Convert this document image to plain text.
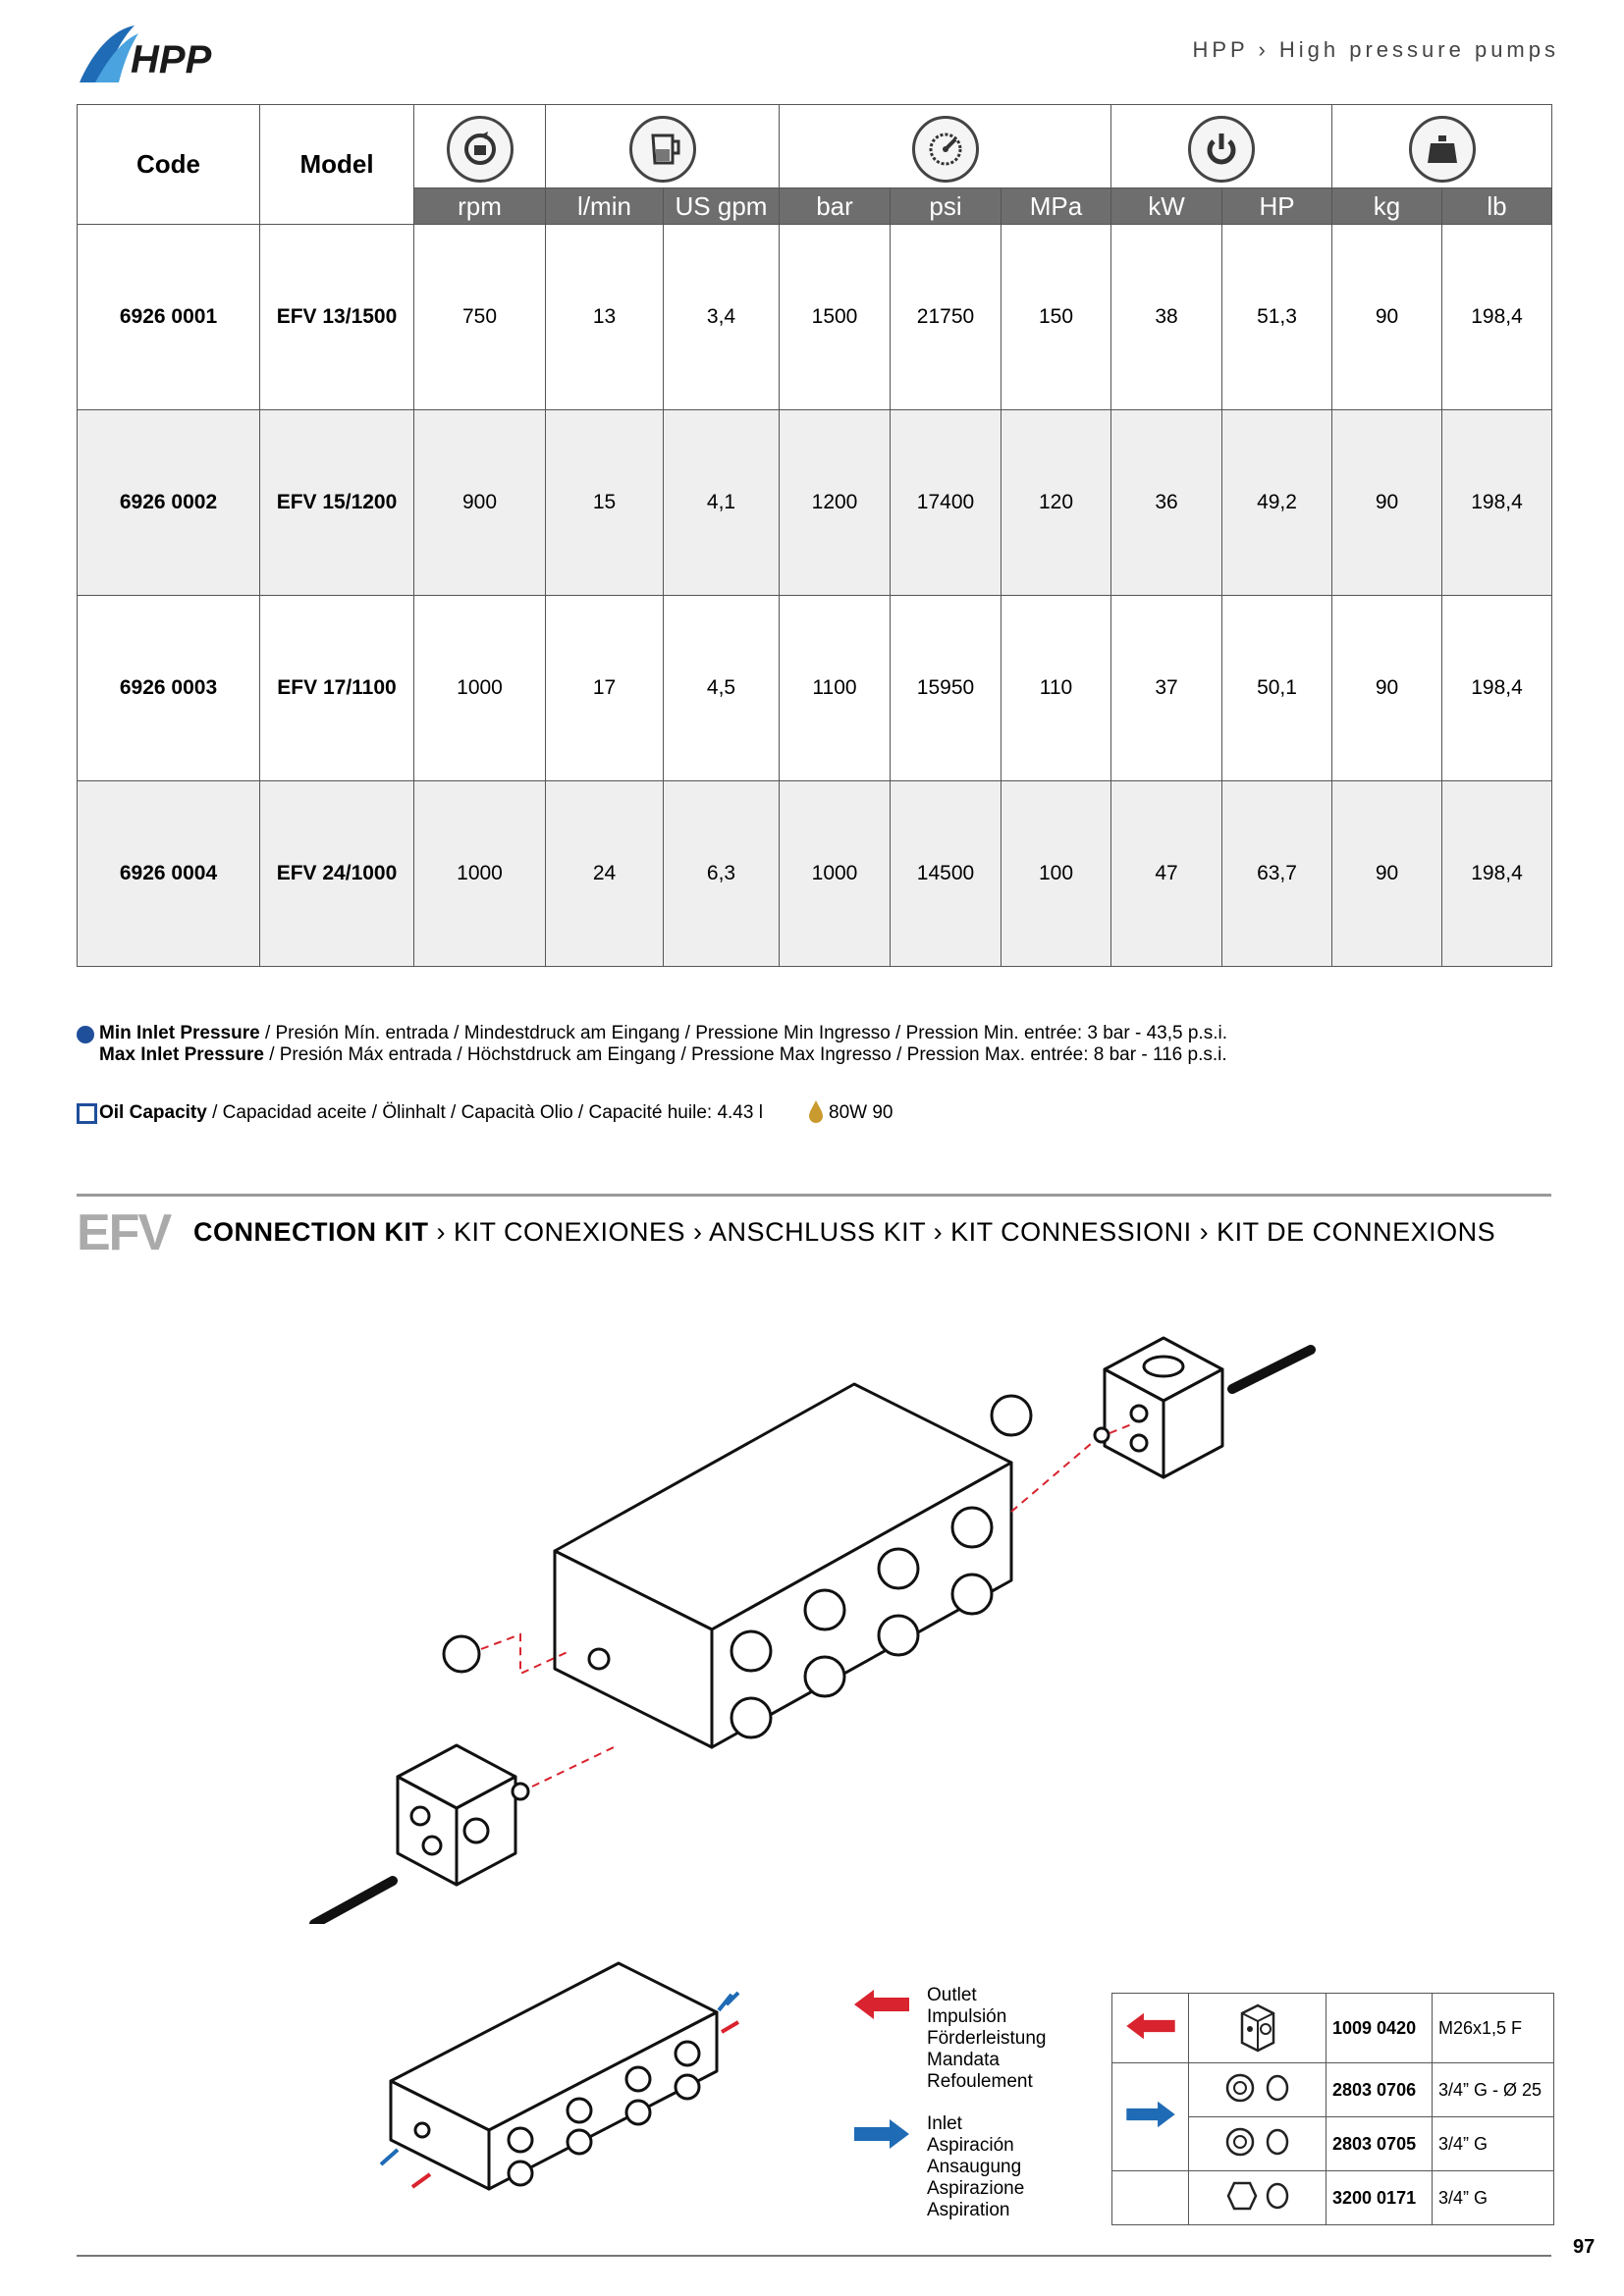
HPP	HPP › High pressure pumps
Code	Model	

		rpm	l/min	US gpm	bar	psi	MPa	kW	HP	kg	lb
6926 0001	EFV 13/1500	750	13	3,4	1500	21750	150	38	51,3	90	198,4
6926 0002	EFV 15/1200	900	15	4,1	1200	17400	120	36	49,2	90	198,4
6926 0003	EFV 17/1100	1000	17	4,5	1100	15950	110	37	50,1	90	198,4
6926 0004	EFV 24/1000	1000	24	6,3	1000	14500	100	47	63,7	90	198,4
Min Inlet Pressure / Presión Mín. entrada / Mindestdruck am Eingang / Pressione Min Ingresso / Pression Min. entrée: 3 bar - 43,5 p.s.i.
Max Inlet Pressure / Presión Máx entrada / Höchstdruck am Eingang / Pressione Max Ingresso / Pression Max. entrée: 8 bar - 116 p.s.i.
Oil Capacity / Capacidad aceite / Ölinhalt / Capacità Olio / Capacité huile: 4.43 l	80W 90
EFV CONNECTION KIT › KIT CONEXIONES › ANSCHLUSS KIT › KIT CONNESSIONI › KIT DE CONNEXIONS
Outlet
Impulsión
Förderleistung
Mandata
Refoulement
Inlet
Aspiración
Ansaugung
Aspirazione
Aspiration
		1009 0420	M26x1,5 F
		2803 0706	3/4” G - Ø 25
	2803 0705	3/4” G
		3200 0171	3/4” G
97
